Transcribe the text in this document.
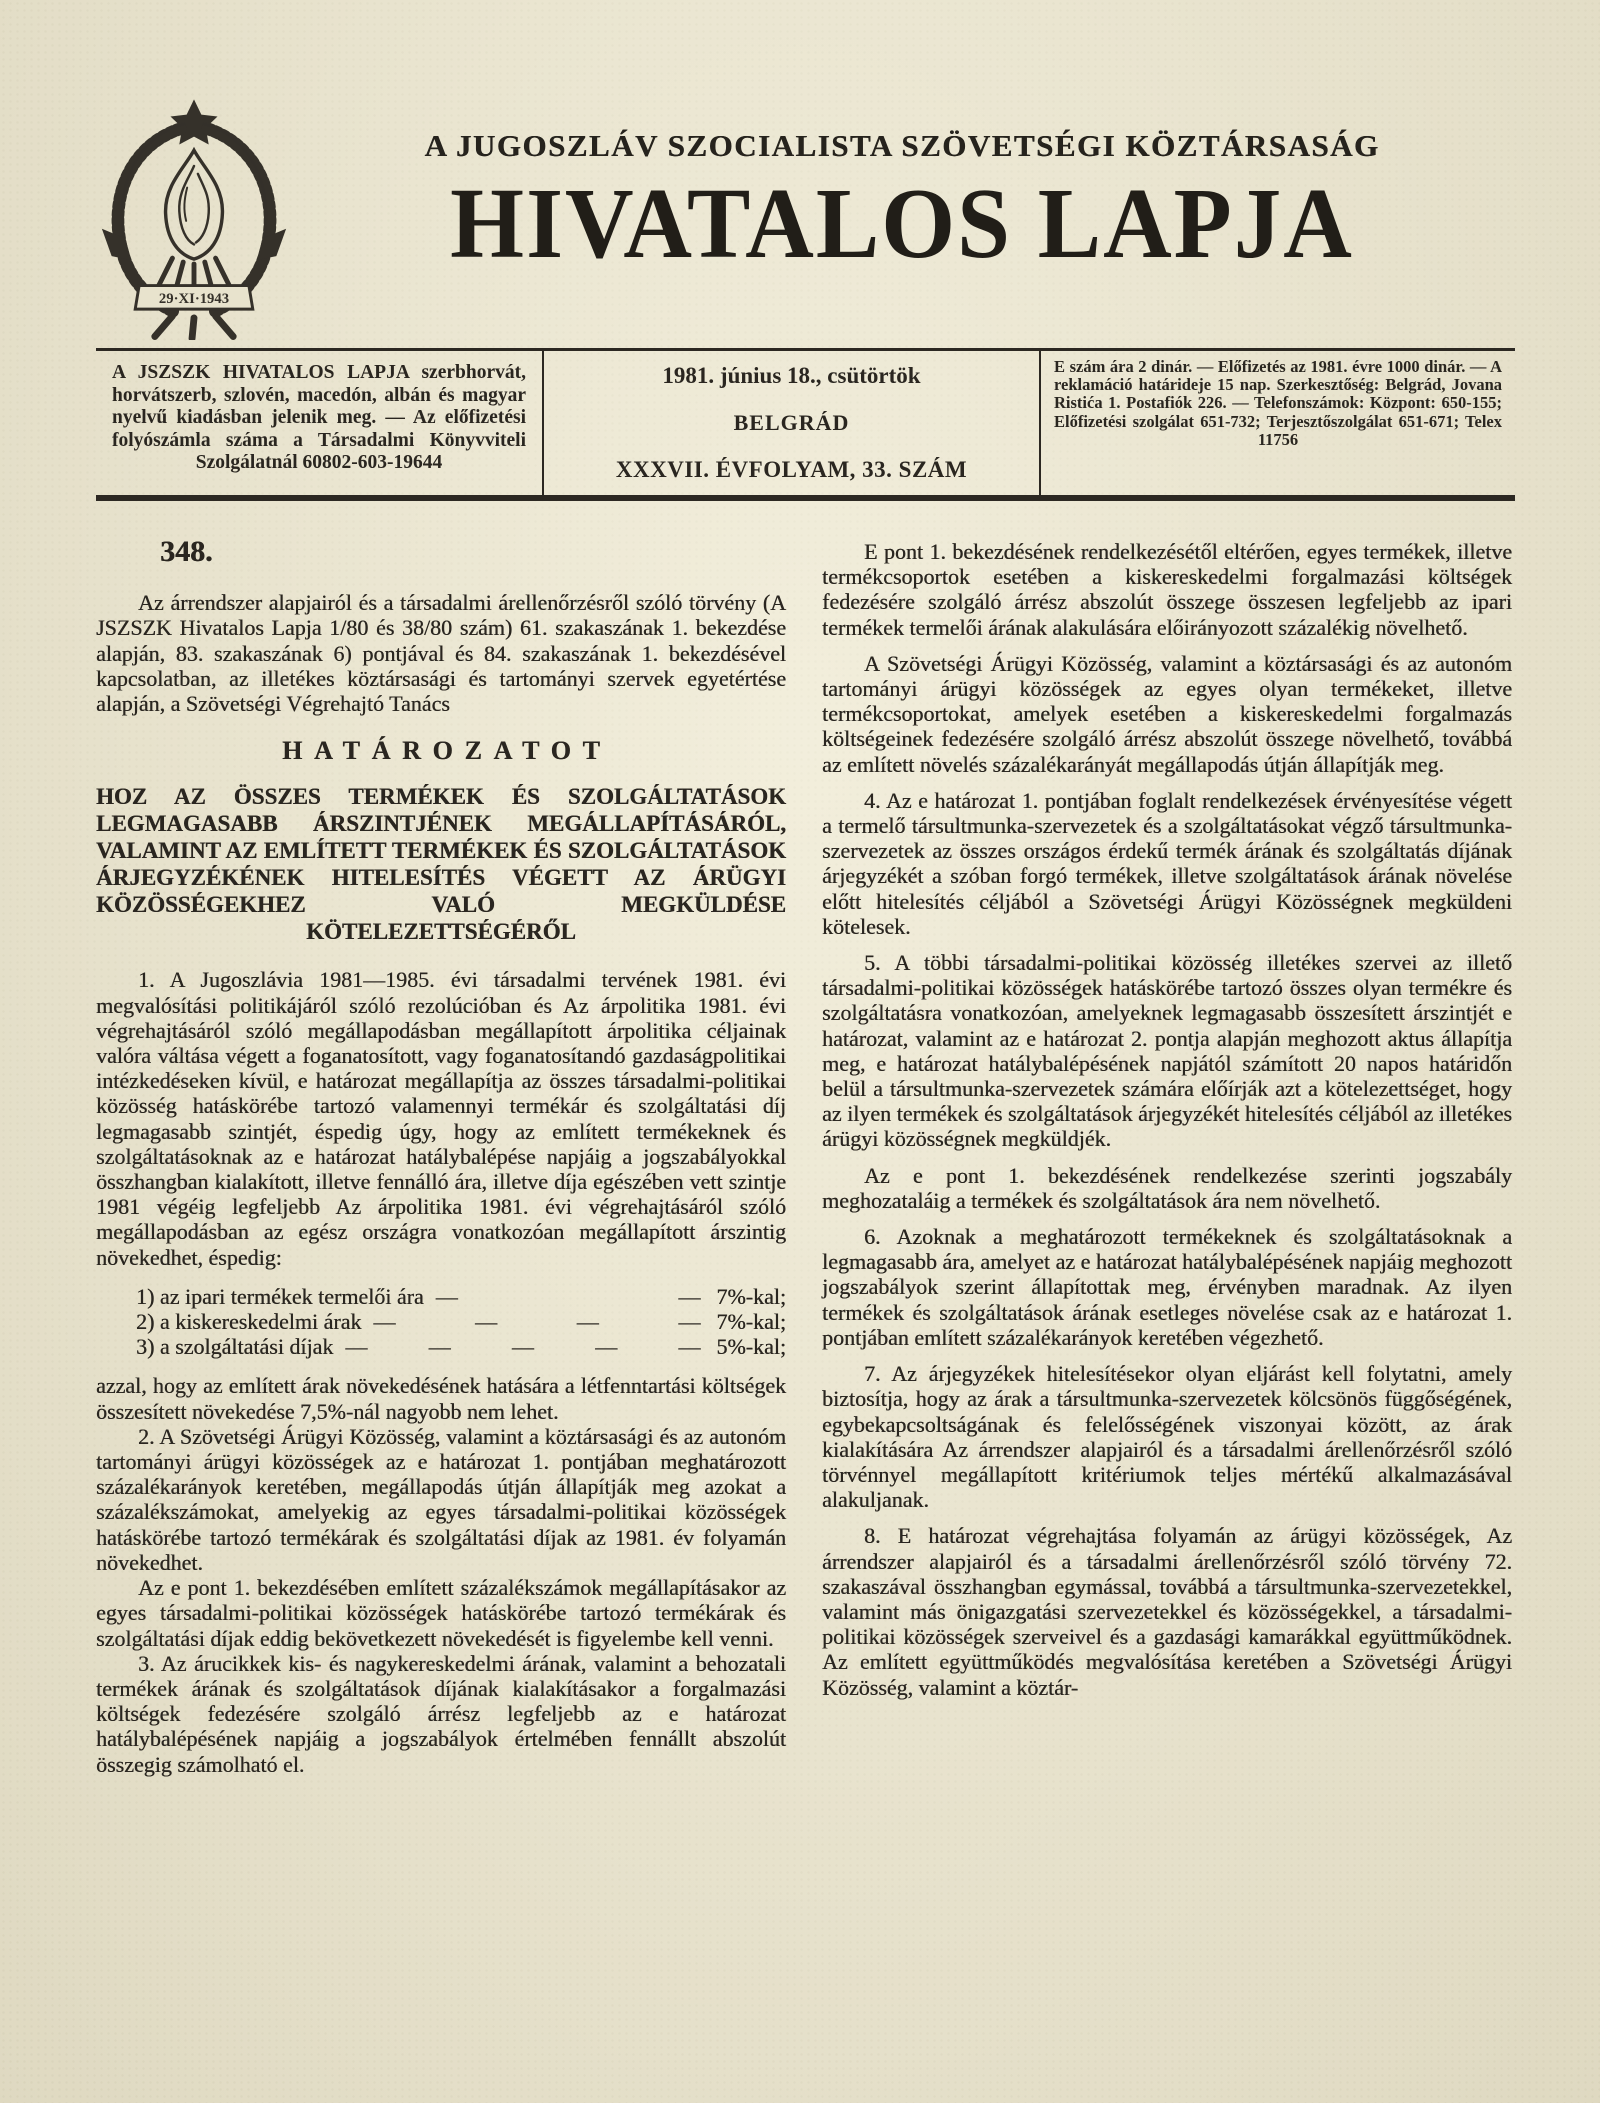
29·XI·1943
A JUGOSZLÁV SZOCIALISTA SZÖVETSÉGI KÖZTÁRSASÁG
HIVATALOS LAPJA
A JSZSZK HIVATALOS LAPJA szerbhorvát, horvátszerb, szlovén, macedón, albán és magyar nyelvű kiadásban jelenik meg. — Az előfizetési folyószámla száma a Társadalmi Könyvviteli Szolgálatnál 60802-603-19644
1981. június 18., csütörtök
BELGRÁD
XXXVII. ÉVFOLYAM, 33. SZÁM
E szám ára 2 dinár. — Előfizetés az 1981. évre 1000 dinár. — A reklamáció határideje 15 nap. Szerkesztőség: Belgrád, Jovana Ristića 1. Postafiók 226. — Telefonszámok: Központ: 650-155; Előfizetési szolgálat 651-732; Terjesztőszolgálat 651-671; Telex 11756
348.

Az árrendszer alapjairól és a társadalmi árellenőrzésről szóló törvény (A JSZSZK Hivatalos Lapja 1/80 és 38/80 szám) 61. szakaszának 1. bekezdése alapján, 83. szakaszának 6) pontjával és 84. szakaszának 1. bekezdésével kapcsolatban, az illetékes köztársasági és tartományi szervek egyetértése alapján, a Szövetségi Végrehajtó Tanács

HATÁROZATOT

HOZ AZ ÖSSZES TERMÉKEK ÉS SZOLGÁLTATÁSOK LEGMAGASABB ÁRSZINTJÉNEK MEGÁLLAPÍTÁSÁRÓL, VALAMINT AZ EMLÍTETT TERMÉKEK ÉS SZOLGÁLTATÁSOK ÁRJEGYZÉKÉNEK HITELESÍTÉS VÉGETT AZ ÁRÜGYI KÖZÖSSÉGEKHEZ VALÓ MEGKÜLDÉSE KÖTELEZETTSÉGÉRŐL

1. A Jugoszlávia 1981—1985. évi társadalmi tervének 1981. évi megvalósítási politikájáról szóló rezolúcióban és Az árpolitika 1981. évi végrehajtásáról szóló megállapodásban megállapított árpolitika céljainak valóra váltása végett a foganatosított, vagy foganatosítandó gazdaságpolitikai intézkedéseken kívül, e határozat megállapítja az összes társadalmi-politikai közösség hatáskörébe tartozó valamennyi termékár és szolgáltatási díj legmagasabb szintjét, éspedig úgy, hogy az említett termékeknek és szolgáltatásoknak az e határozat hatálybalépése napjáig a jogszabályokkal összhangban kialakított, illetve fennálló ára, illetve díja egészében vett szintje 1981 végéig legfeljebb Az árpolitika 1981. évi végrehajtásáról szóló megállapodásban az egész országra vonatkozóan megállapított árszintig növekedhet, éspedig:

1) az ipari termékek termelői ára — — 7%-kal;
2) a kiskereskedelmi árak — — — — 7%-kal;
3) a szolgáltatási díjak — — — — — 5%-kal;

azzal, hogy az említett árak növekedésének hatására a létfenntartási költségek összesített növekedése 7,5%-nál nagyobb nem lehet.

2. A Szövetségi Árügyi Közösség, valamint a köztársasági és az autonóm tartományi árügyi közösségek az e határozat 1. pontjában meghatározott százalékarányok keretében, megállapodás útján állapítják meg azokat a százalékszámokat, amelyekig az egyes társadalmi-politikai közösségek hatáskörébe tartozó termékárak és szolgáltatási díjak az 1981. év folyamán növekedhet.

Az e pont 1. bekezdésében említett százalékszámok megállapításakor az egyes társadalmi-politikai közösségek hatáskörébe tartozó termékárak és szolgáltatási díjak eddig bekövetkezett növekedését is figyelembe kell venni.

3. Az árucikkek kis- és nagykereskedelmi árának, valamint a behozatali termékek árának és szolgáltatások díjának kialakításakor a forgalmazási költségek fedezésére szolgáló árrész legfeljebb az e határozat hatálybalépésének napjáig a jogszabályok értelmében fennállt abszolút összegig számolható el.

E pont 1. bekezdésének rendelkezésétől eltérően, egyes termékek, illetve termékcsoportok esetében a kiskereskedelmi forgalmazási költségek fedezésére szolgáló árrész abszolút összege összesen legfeljebb az ipari termékek termelői árának alakulására előirányozott százalékig növelhető.

A Szövetségi Árügyi Közösség, valamint a köztársasági és az autonóm tartományi árügyi közösségek az egyes olyan termékeket, illetve termékcsoportokat, amelyek esetében a kiskereskedelmi forgalmazás költségeinek fedezésére szolgáló árrész abszolút összege növelhető, továbbá az említett növelés százalékarányát megállapodás útján állapítják meg.

4. Az e határozat 1. pontjában foglalt rendelkezések érvényesítése végett a termelő társultmunka-szervezetek és a szolgáltatásokat végző társultmunka-szervezetek az összes országos érdekű termék árának és szolgáltatás díjának árjegyzékét a szóban forgó termékek, illetve szolgáltatások árának növelése előtt hitelesítés céljából a Szövetségi Árügyi Közösségnek megküldeni kötelesek.

5. A többi társadalmi-politikai közösség illetékes szervei az illető társadalmi-politikai közösségek hatáskörébe tartozó összes olyan termékre és szolgáltatásra vonatkozóan, amelyeknek legmagasabb összesített árszintjét e határozat, valamint az e határozat 2. pontja alapján meghozott aktus állapítja meg, e határozat hatálybalépésének napjától számított 20 napos határidőn belül a társultmunka-szervezetek számára előírják azt a kötelezettséget, hogy az ilyen termékek és szolgáltatások árjegyzékét hitelesítés céljából az illetékes árügyi közösségnek megküldjék.

Az e pont 1. bekezdésének rendelkezése szerinti jogszabály meghozataláig a termékek és szolgáltatások ára nem növelhető.

6. Azoknak a meghatározott termékeknek és szolgáltatásoknak a legmagasabb ára, amelyet az e határozat hatálybalépésének napjáig meghozott jogszabályok szerint állapítottak meg, érvényben maradnak. Az ilyen termékek és szolgáltatások árának esetleges növelése csak az e határozat 1. pontjában említett százalékarányok keretében végezhető.

7. Az árjegyzékek hitelesítésekor olyan eljárást kell folytatni, amely biztosítja, hogy az árak a társultmunka-szervezetek kölcsönös függőségének, egybekapcsoltságának és felelősségének viszonyai között, az árak kialakítására Az árrendszer alapjairól és a társadalmi árellenőrzésről szóló törvénnyel megállapított kritériumok teljes mértékű alkalmazásával alakuljanak.

8. E határozat végrehajtása folyamán az árügyi közösségek, Az árrendszer alapjairól és a társadalmi árellenőrzésről szóló törvény 72. szakaszával összhangban egymással, továbbá a társultmunka-szervezetekkel, valamint más önigazgatási szervezetekkel és közösségekkel, a társadalmi-politikai közösségek szerveivel és a gazdasági kamarákkal együttműködnek. Az említett együttműködés megvalósítása keretében a Szövetségi Árügyi Közösség, valamint a köztár-
